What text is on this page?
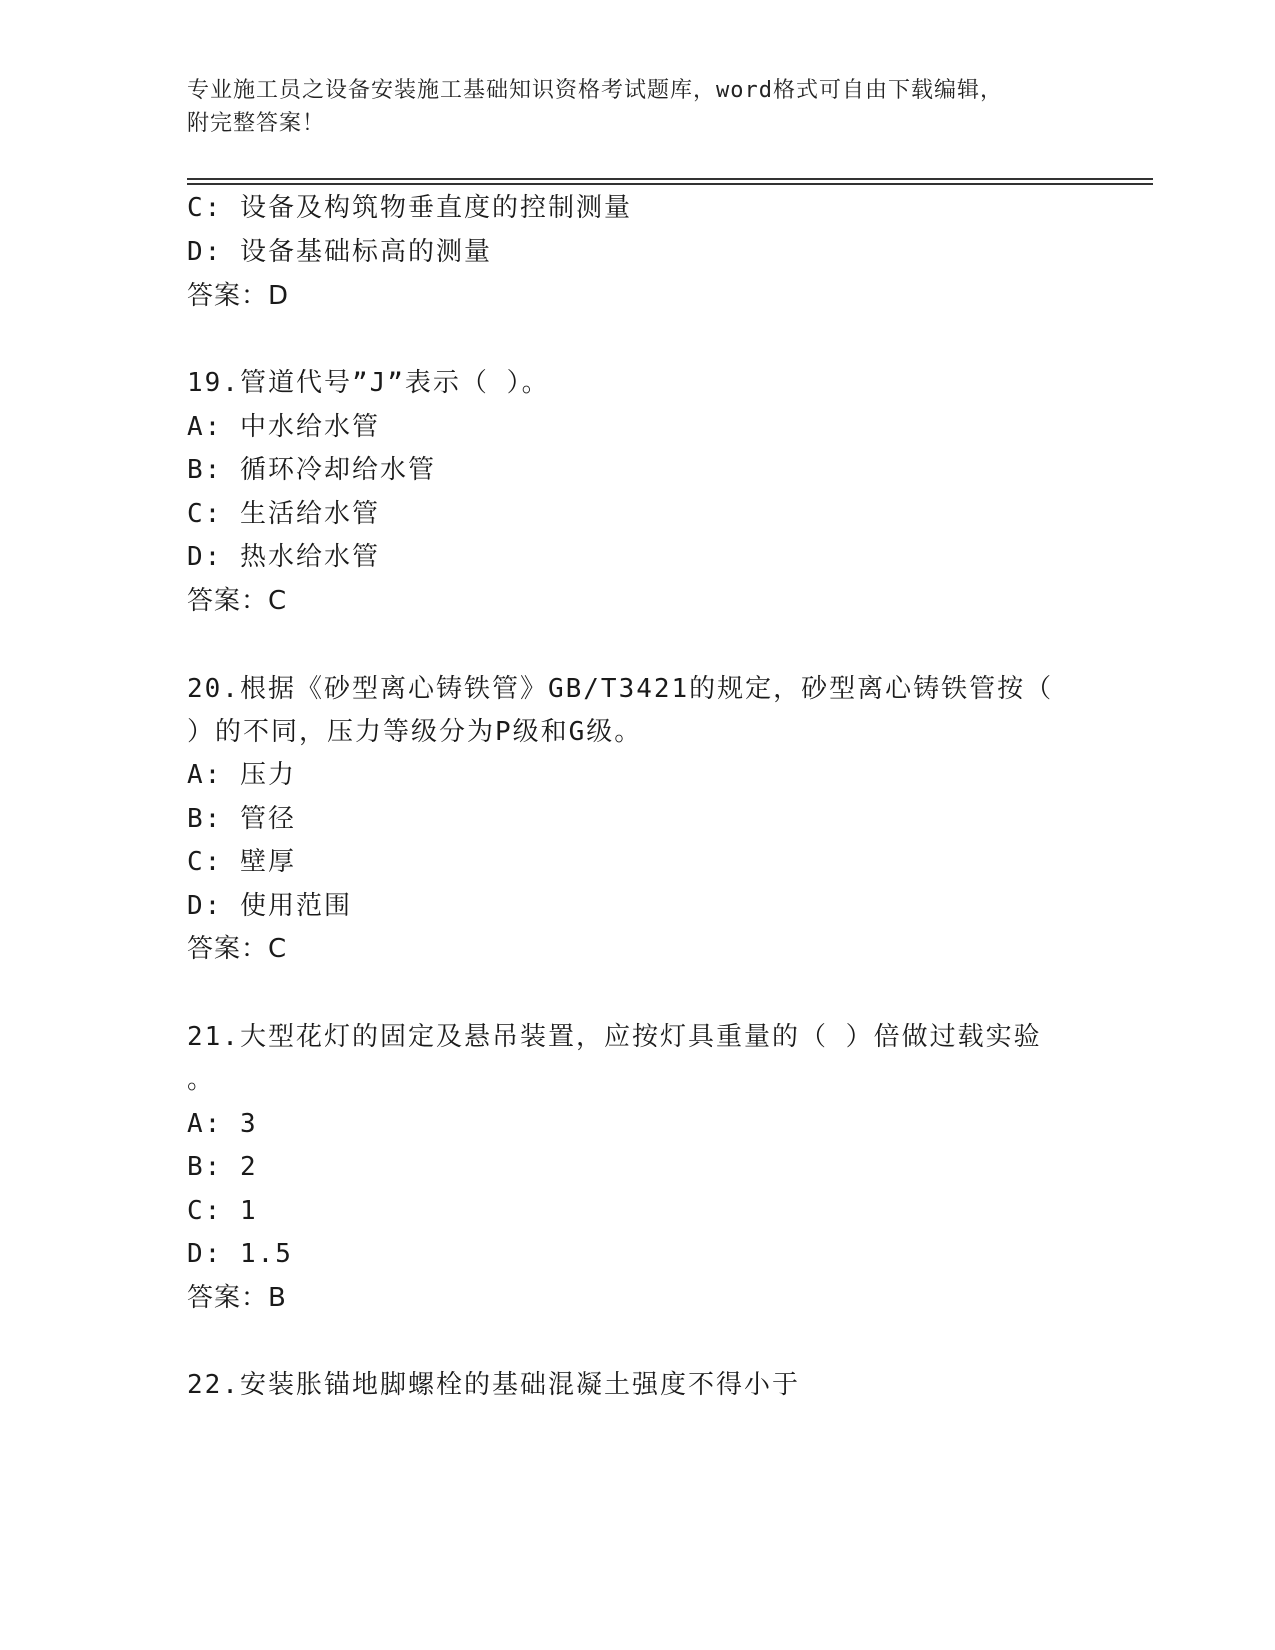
专业施工员之设备安装施工基础知识资格考试题库，word格式可自由下载编辑，
附完整答案！
C: 设备及构筑物垂直度的控制测量
D: 设备基础标高的测量
答案：D
19.管道代号”J”表示（ ）。
A: 中水给水管
B: 循环冷却给水管
C: 生活给水管
D: 热水给水管
答案：C
20.根据《砂型离心铸铁管》GB/T3421的规定，砂型离心铸铁管按（
）的不同，压力等级分为P级和G级。
A: 压力
B: 管径
C: 壁厚
D: 使用范围
答案：C
21.大型花灯的固定及悬吊装置，应按灯具重量的（ ）倍做过载实验
。
A: 3
B: 2
C: 1
D: 1.5
答案：B
22.安装胀锚地脚螺栓的基础混凝土强度不得小于
